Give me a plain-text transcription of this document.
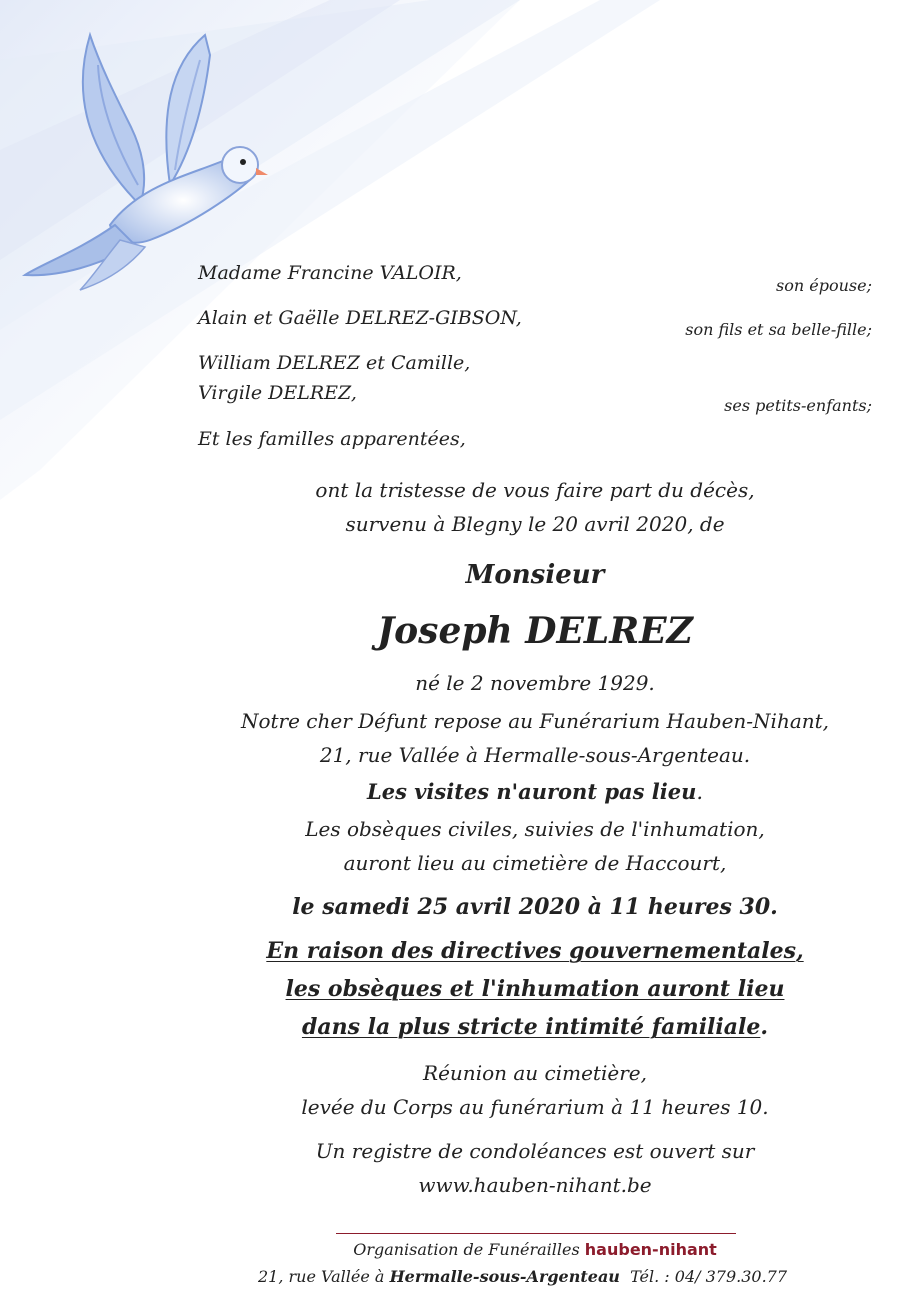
Madame Francine VALOIR,
son épouse;
Alain et Gaëlle DELREZ-GIBSON,
son fils et sa belle-fille;
William DELREZ et Camille,
Virgile DELREZ,
ses petits-enfants;
Et les familles apparentées,
ont la tristesse de vous faire part du décès,
survenu à Blegny le 20 avril 2020, de
Monsieur
Joseph DELREZ
né le 2 novembre 1929.
Notre cher Défunt repose au Funérarium Hauben-Nihant,
21, rue Vallée à Hermalle-sous-Argenteau.
Les visites n'auront pas lieu.
Les obsèques civiles, suivies de l'inhumation,
auront lieu au cimetière de Haccourt,
le samedi 25 avril 2020 à 11 heures 30.
En raison des directives gouvernementales,
les obsèques et l'inhumation auront lieu
dans la plus stricte intimité familiale.
Réunion au cimetière,
levée du Corps au funérarium à 11 heures 10.
Un registre de condoléances est ouvert sur
www.hauben-nihant.be
Organisation de Funérailles hauben-nihant
21, rue Vallée à Hermalle-sous-Argenteau Tél. : 04/ 379.30.77
